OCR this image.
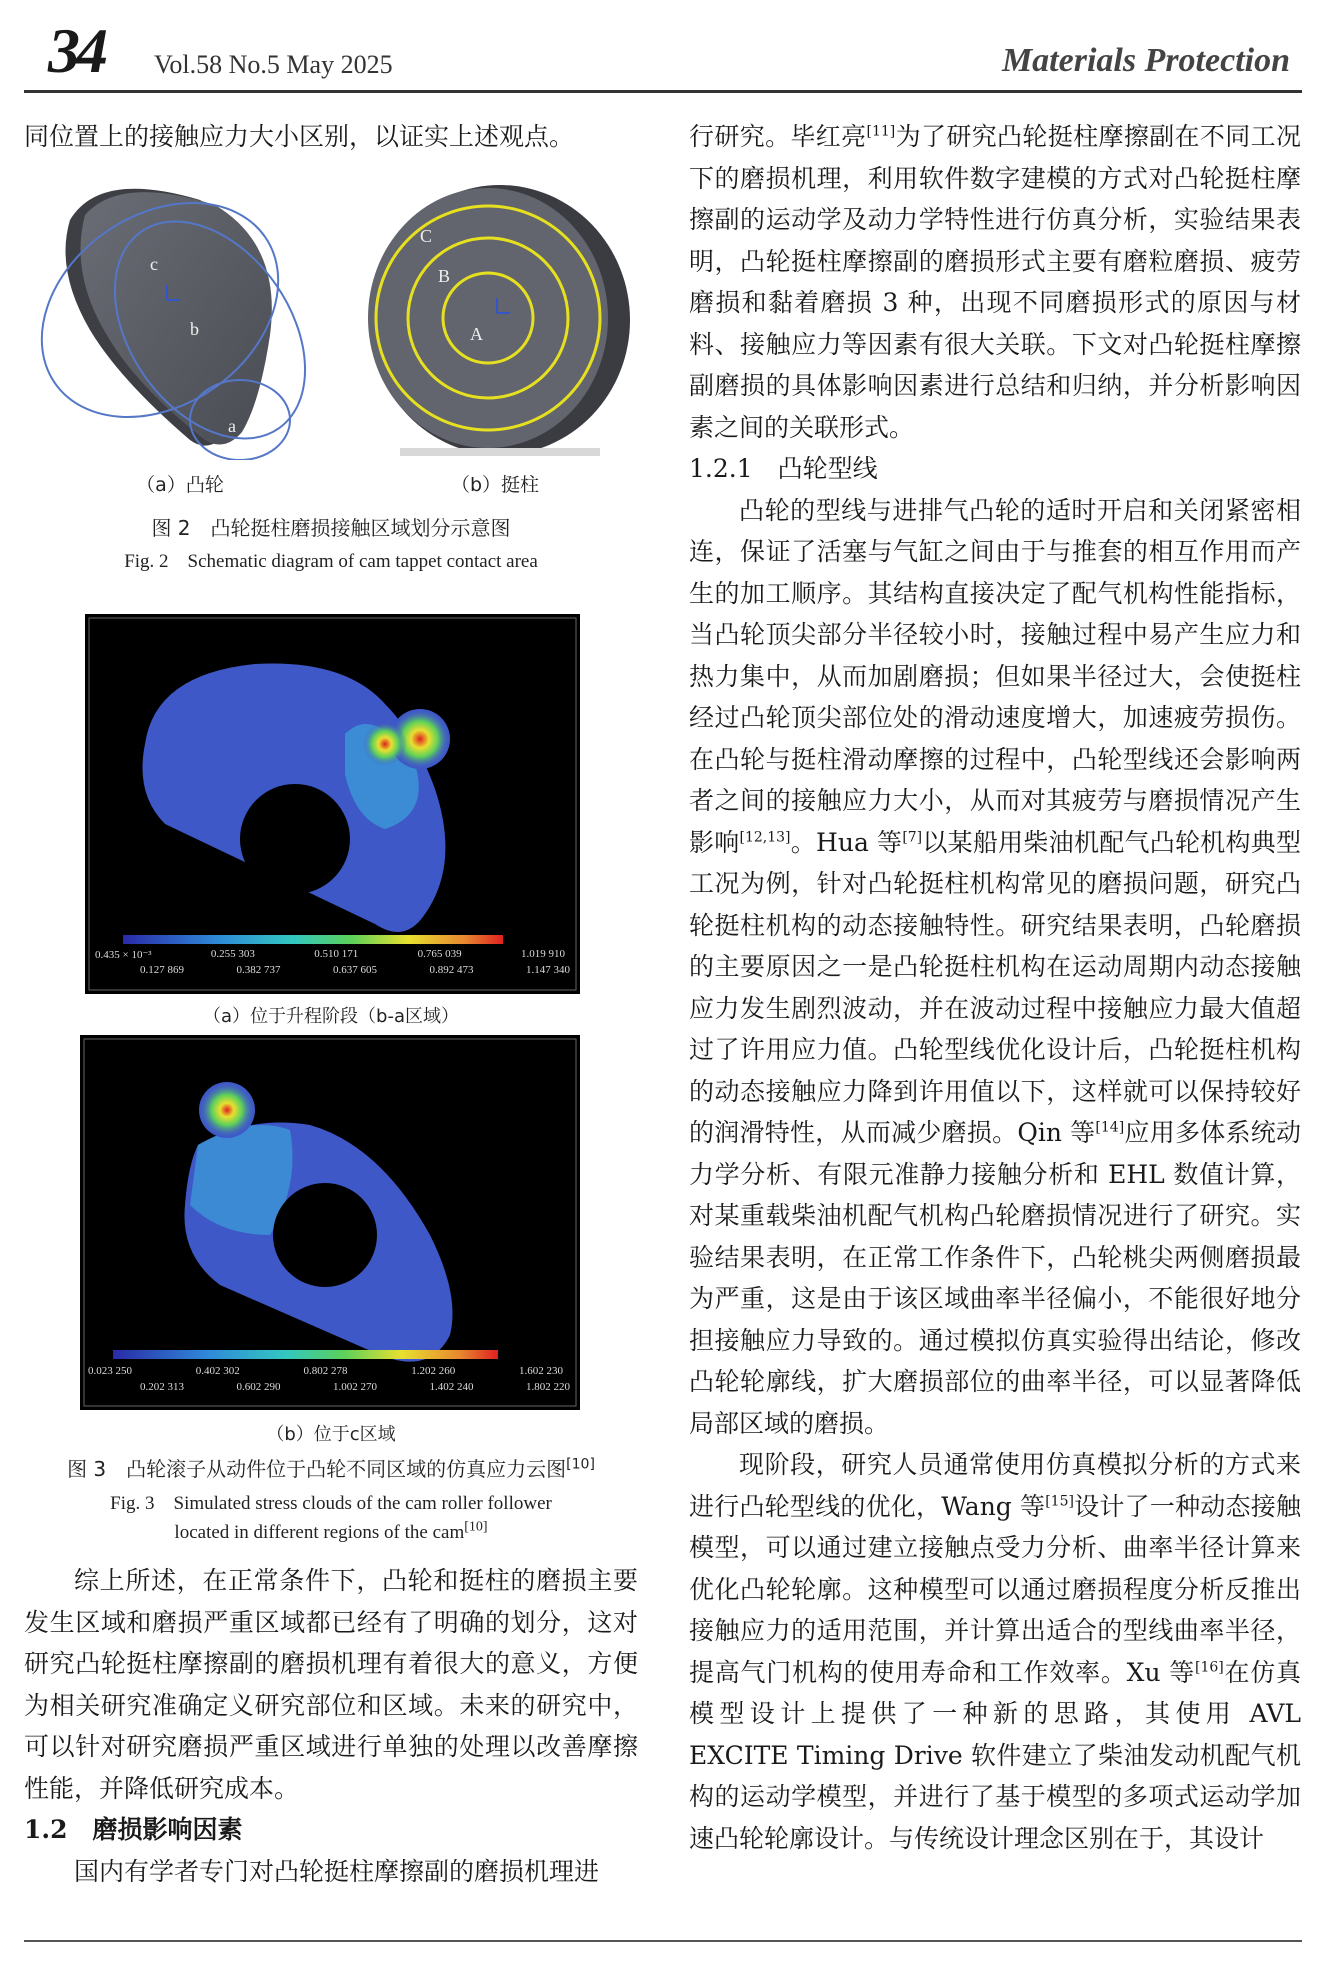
34 Vol.58 No.5 May 2025	Materials Protection

同位置上的接触应力大小区别，以证实上述观点。

c
b
a
C
B
A
（a）凸轮	（b）挺柱
图 2　凸轮挺柱磨损接触区域划分示意图
Fig. 2　Schematic diagram of cam tappet contact area
0.435 × 10⁻³	0.255 303	0.510 171	0.765 039	1.019 910
0.127 869	0.382 737	0.637 605	0.892 473	1.147 340
（a）位于升程阶段（b-a区域）
0.023 250	0.402 302	0.802 278	1.202 260	1.602 230
0.202 313	0.602 290	1.002 270	1.402 240	1.802 220
（b）位于c区域
图 3　凸轮滚子从动件位于凸轮不同区域的仿真应力云图[10]
Fig. 3　Simulated stress clouds of the cam roller follower
located in different regions of the cam[10]

综上所述，在正常条件下，凸轮和挺柱的磨损主要发生区域和磨损严重区域都已经有了明确的划分，这对研究凸轮挺柱摩擦副的磨损机理有着很大的意义，方便为相关研究准确定义研究部位和区域。未来的研究中，可以针对研究磨损严重区域进行单独的处理以改善摩擦性能，并降低研究成本。

1.2　磨损影响因素

国内有学者专门对凸轮挺柱摩擦副的磨损机理进

行研究。毕红亮[11]为了研究凸轮挺柱摩擦副在不同工况下的磨损机理，利用软件数字建模的方式对凸轮挺柱摩擦副的运动学及动力学特性进行仿真分析，实验结果表明，凸轮挺柱摩擦副的磨损形式主要有磨粒磨损、疲劳磨损和黏着磨损 3 种，出现不同磨损形式的原因与材料、接触应力等因素有很大关联。下文对凸轮挺柱摩擦副磨损的具体影响因素进行总结和归纳，并分析影响因素之间的关联形式。

1.2.1　凸轮型线

凸轮的型线与进排气凸轮的适时开启和关闭紧密相连，保证了活塞与气缸之间由于与推套的相互作用而产生的加工顺序。其结构直接决定了配气机构性能指标，当凸轮顶尖部分半径较小时，接触过程中易产生应力和热力集中，从而加剧磨损；但如果半径过大，会使挺柱经过凸轮顶尖部位处的滑动速度增大，加速疲劳损伤。在凸轮与挺柱滑动摩擦的过程中，凸轮型线还会影响两者之间的接触应力大小，从而对其疲劳与磨损情况产生影响[12,13]。Hua 等[7]以某船用柴油机配气凸轮机构典型工况为例，针对凸轮挺柱机构常见的磨损问题，研究凸轮挺柱机构的动态接触特性。研究结果表明，凸轮磨损的主要原因之一是凸轮挺柱机构在运动周期内动态接触应力发生剧烈波动，并在波动过程中接触应力最大值超过了许用应力值。凸轮型线优化设计后，凸轮挺柱机构的动态接触应力降到许用值以下，这样就可以保持较好的润滑特性，从而减少磨损。Qin 等[14]应用多体系统动力学分析、有限元准静力接触分析和 EHL 数值计算，对某重载柴油机配气机构凸轮磨损情况进行了研究。实验结果表明，在正常工作条件下，凸轮桃尖两侧磨损最为严重，这是由于该区域曲率半径偏小，不能很好地分担接触应力导致的。通过模拟仿真实验得出结论，修改凸轮轮廓线，扩大磨损部位的曲率半径，可以显著降低局部区域的磨损。

现阶段，研究人员通常使用仿真模拟分析的方式来进行凸轮型线的优化，Wang 等[15]设计了一种动态接触模型，可以通过建立接触点受力分析、曲率半径计算来优化凸轮轮廓。这种模型可以通过磨损程度分析反推出接触应力的适用范围，并计算出适合的型线曲率半径，提高气门机构的使用寿命和工作效率。Xu 等[16]在仿真模型设计上提供了一种新的思路，其使用 AVL EXCITE Timing Drive 软件建立了柴油发动机配气机构的运动学模型，并进行了基于模型的多项式运动学加速凸轮轮廓设计。与传统设计理念区别在于，其设计
